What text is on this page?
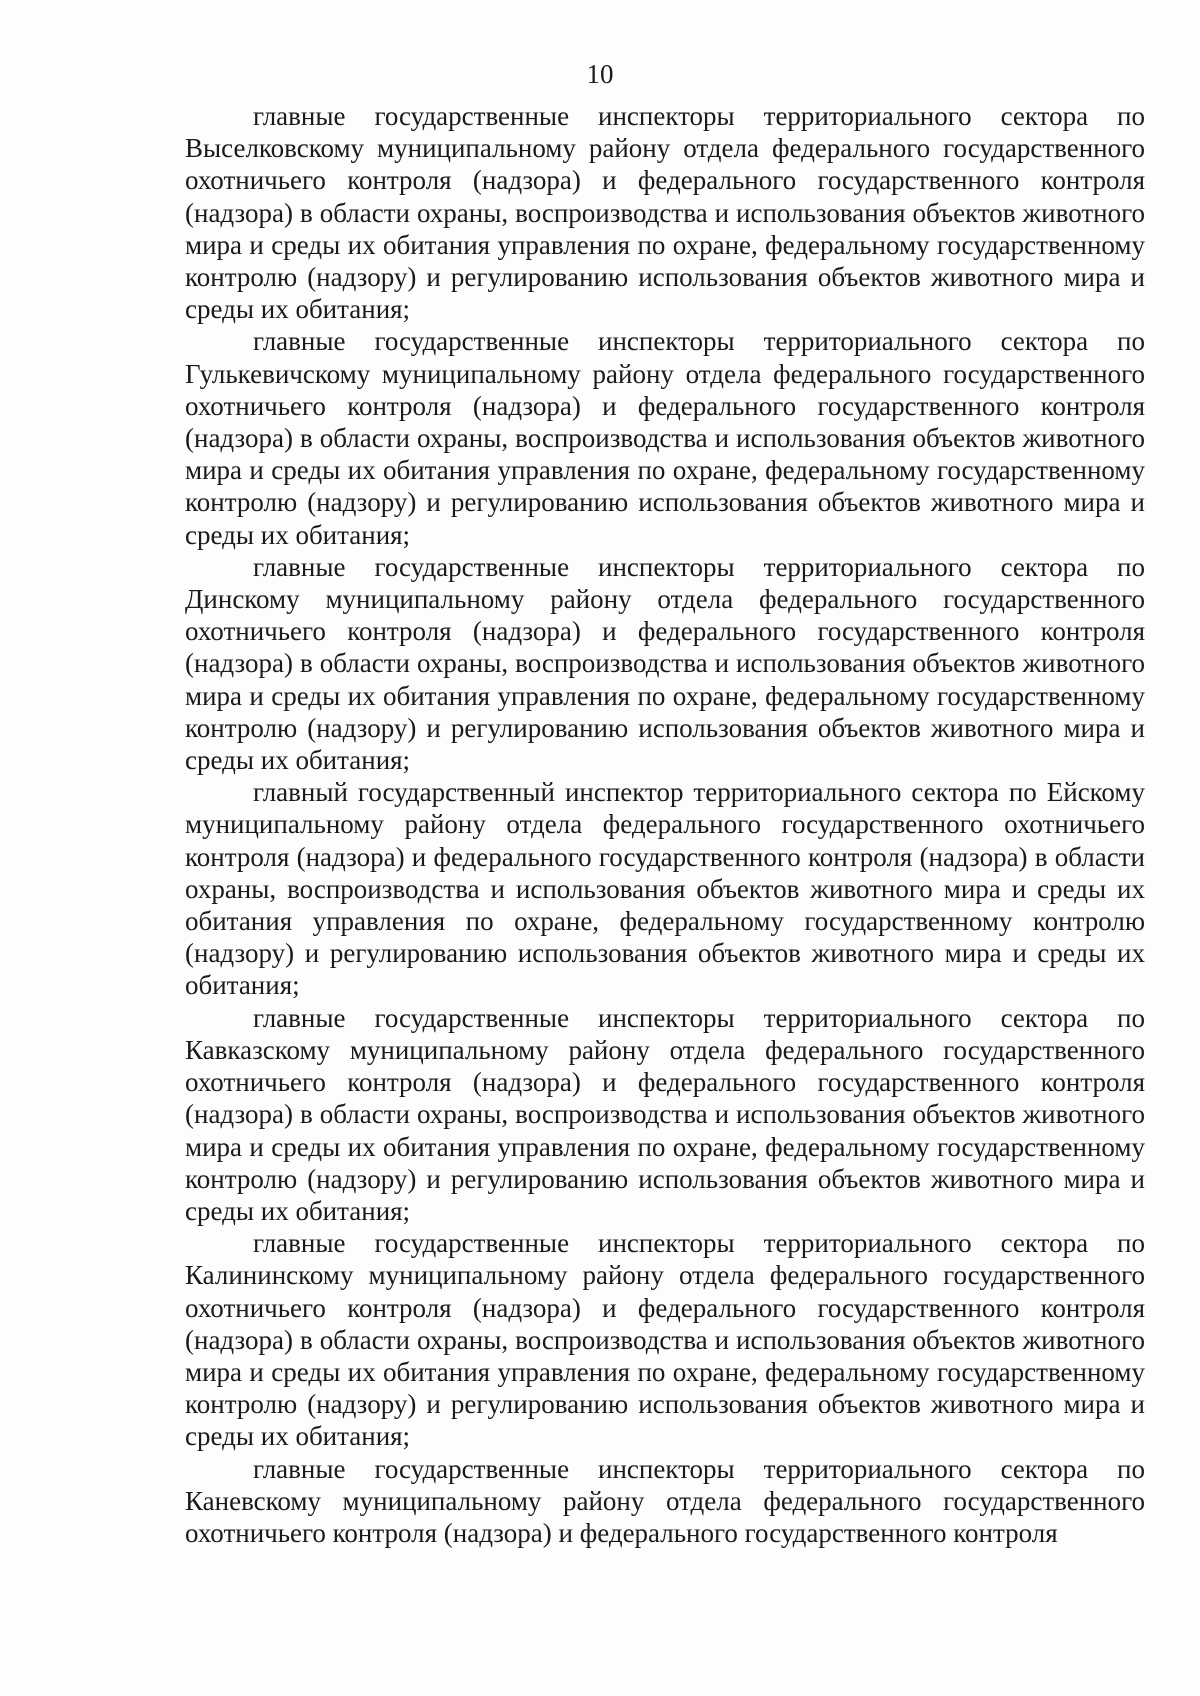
10

главные государственные инспекторы территориального сектора по Выселковскому муниципальному району отдела федерального государственного охотничьего контроля (надзора) и федерального государственного контроля (надзора) в области охраны, воспроизводства и использования объектов животного мира и среды их обитания управления по охране, федеральному государственному контролю (надзору) и регулированию использования объектов животного мира и среды их обитания;

главные государственные инспекторы территориального сектора по Гулькевичскому муниципальному району отдела федерального государственного охотничьего контроля (надзора) и федерального государственного контроля (надзора) в области охраны, воспроизводства и использования объектов животного мира и среды их обитания управления по охране, федеральному государственному контролю (надзору) и регулированию использования объектов животного мира и среды их обитания;

главные государственные инспекторы территориального сектора по Динскому муниципальному району отдела федерального государственного охотничьего контроля (надзора) и федерального государственного контроля (надзора) в области охраны, воспроизводства и использования объектов животного мира и среды их обитания управления по охране, федеральному государственному контролю (надзору) и регулированию использования объектов животного мира и среды их обитания;

главный государственный инспектор территориального сектора по Ейскому муниципальному району отдела федерального государственного охотничьего контроля (надзора) и федерального государственного контроля (надзора) в области охраны, воспроизводства и использования объектов животного мира и среды их обитания управления по охране, федеральному государственному контролю (надзору) и регулированию использования объектов животного мира и среды их обитания;

главные государственные инспекторы территориального сектора по Кавказскому муниципальному району отдела федерального государственного охотничьего контроля (надзора) и федерального государственного контроля (надзора) в области охраны, воспроизводства и использования объектов животного мира и среды их обитания управления по охране, федеральному государственному контролю (надзору) и регулированию использования объектов животного мира и среды их обитания;

главные государственные инспекторы территориального сектора по Калининскому муниципальному району отдела федерального государственного охотничьего контроля (надзора) и федерального государственного контроля (надзора) в области охраны, воспроизводства и использования объектов животного мира и среды их обитания управления по охране, федеральному государственному контролю (надзору) и регулированию использования объектов животного мира и среды их обитания;

главные государственные инспекторы территориального сектора по Каневскому муниципальному району отдела федерального государственного охотничьего контроля (надзора) и федерального государственного контроля
